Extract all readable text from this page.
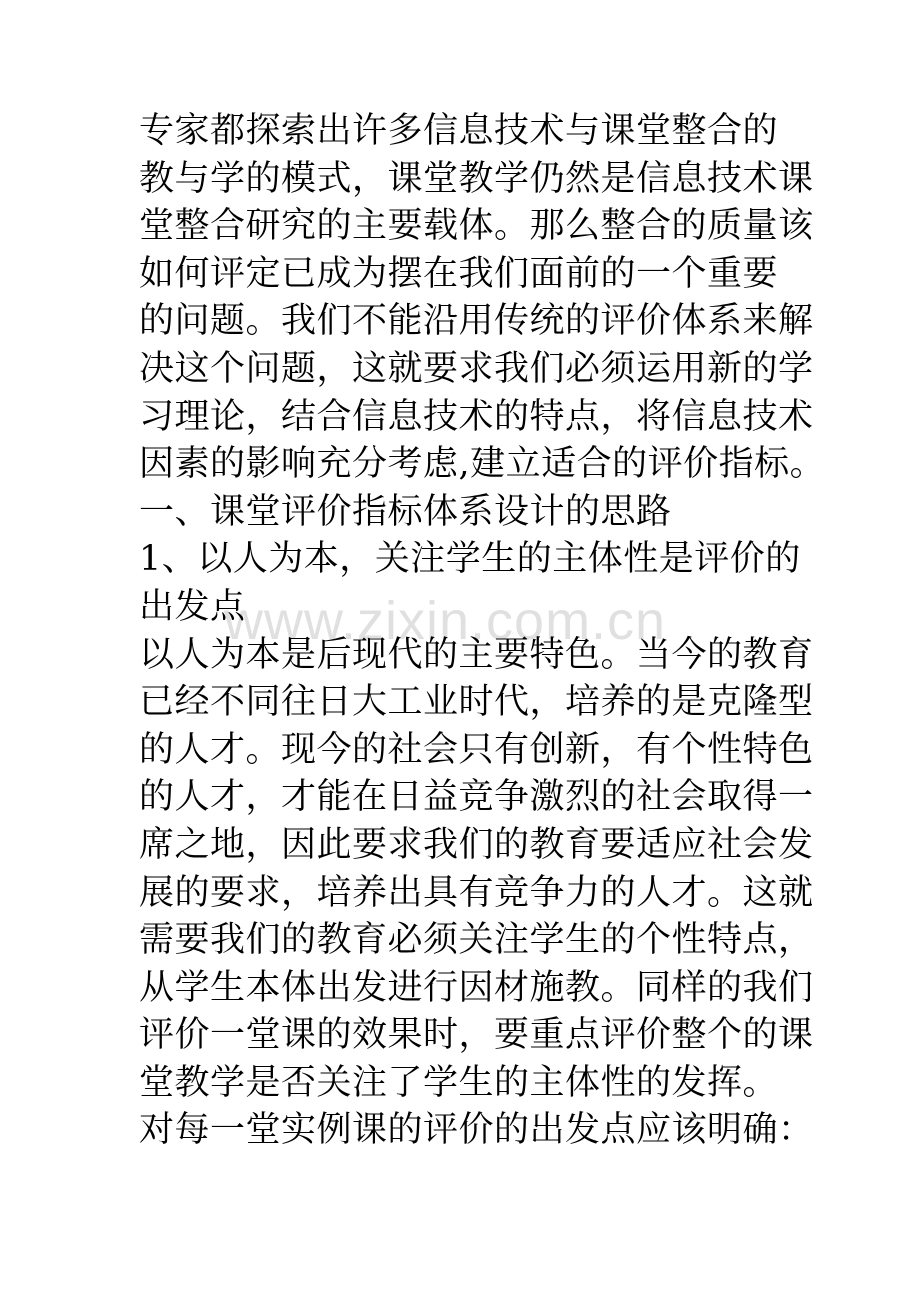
专家都探索出许多信息技术与课堂整合的
教与学的模式，课堂教学仍然是信息技术课
堂整合研究的主要载体。那么整合的质量该
如何评定已成为摆在我们面前的一个重要
的问题。我们不能沿用传统的评价体系来解
决这个问题，这就要求我们必须运用新的学
习理论，结合信息技术的特点，将信息技术
因素的影响充分考虑,建立适合的评价指标。
一、课堂评价指标体系设计的思路
1、以人为本，关注学生的主体性是评价的
出发点
以人为本是后现代的主要特色。当今的教育
已经不同往日大工业时代，培养的是克隆型
的人才。现今的社会只有创新，有个性特色
的人才，才能在日益竞争激烈的社会取得一
席之地，因此要求我们的教育要适应社会发
展的要求，培养出具有竞争力的人才。这就
需要我们的教育必须关注学生的个性特点，
从学生本体出发进行因材施教。同样的我们
评价一堂课的效果时，要重点评价整个的课
堂教学是否关注了学生的主体性的发挥。
对每一堂实例课的评价的出发点应该明确：
www.zixin.com.cn
